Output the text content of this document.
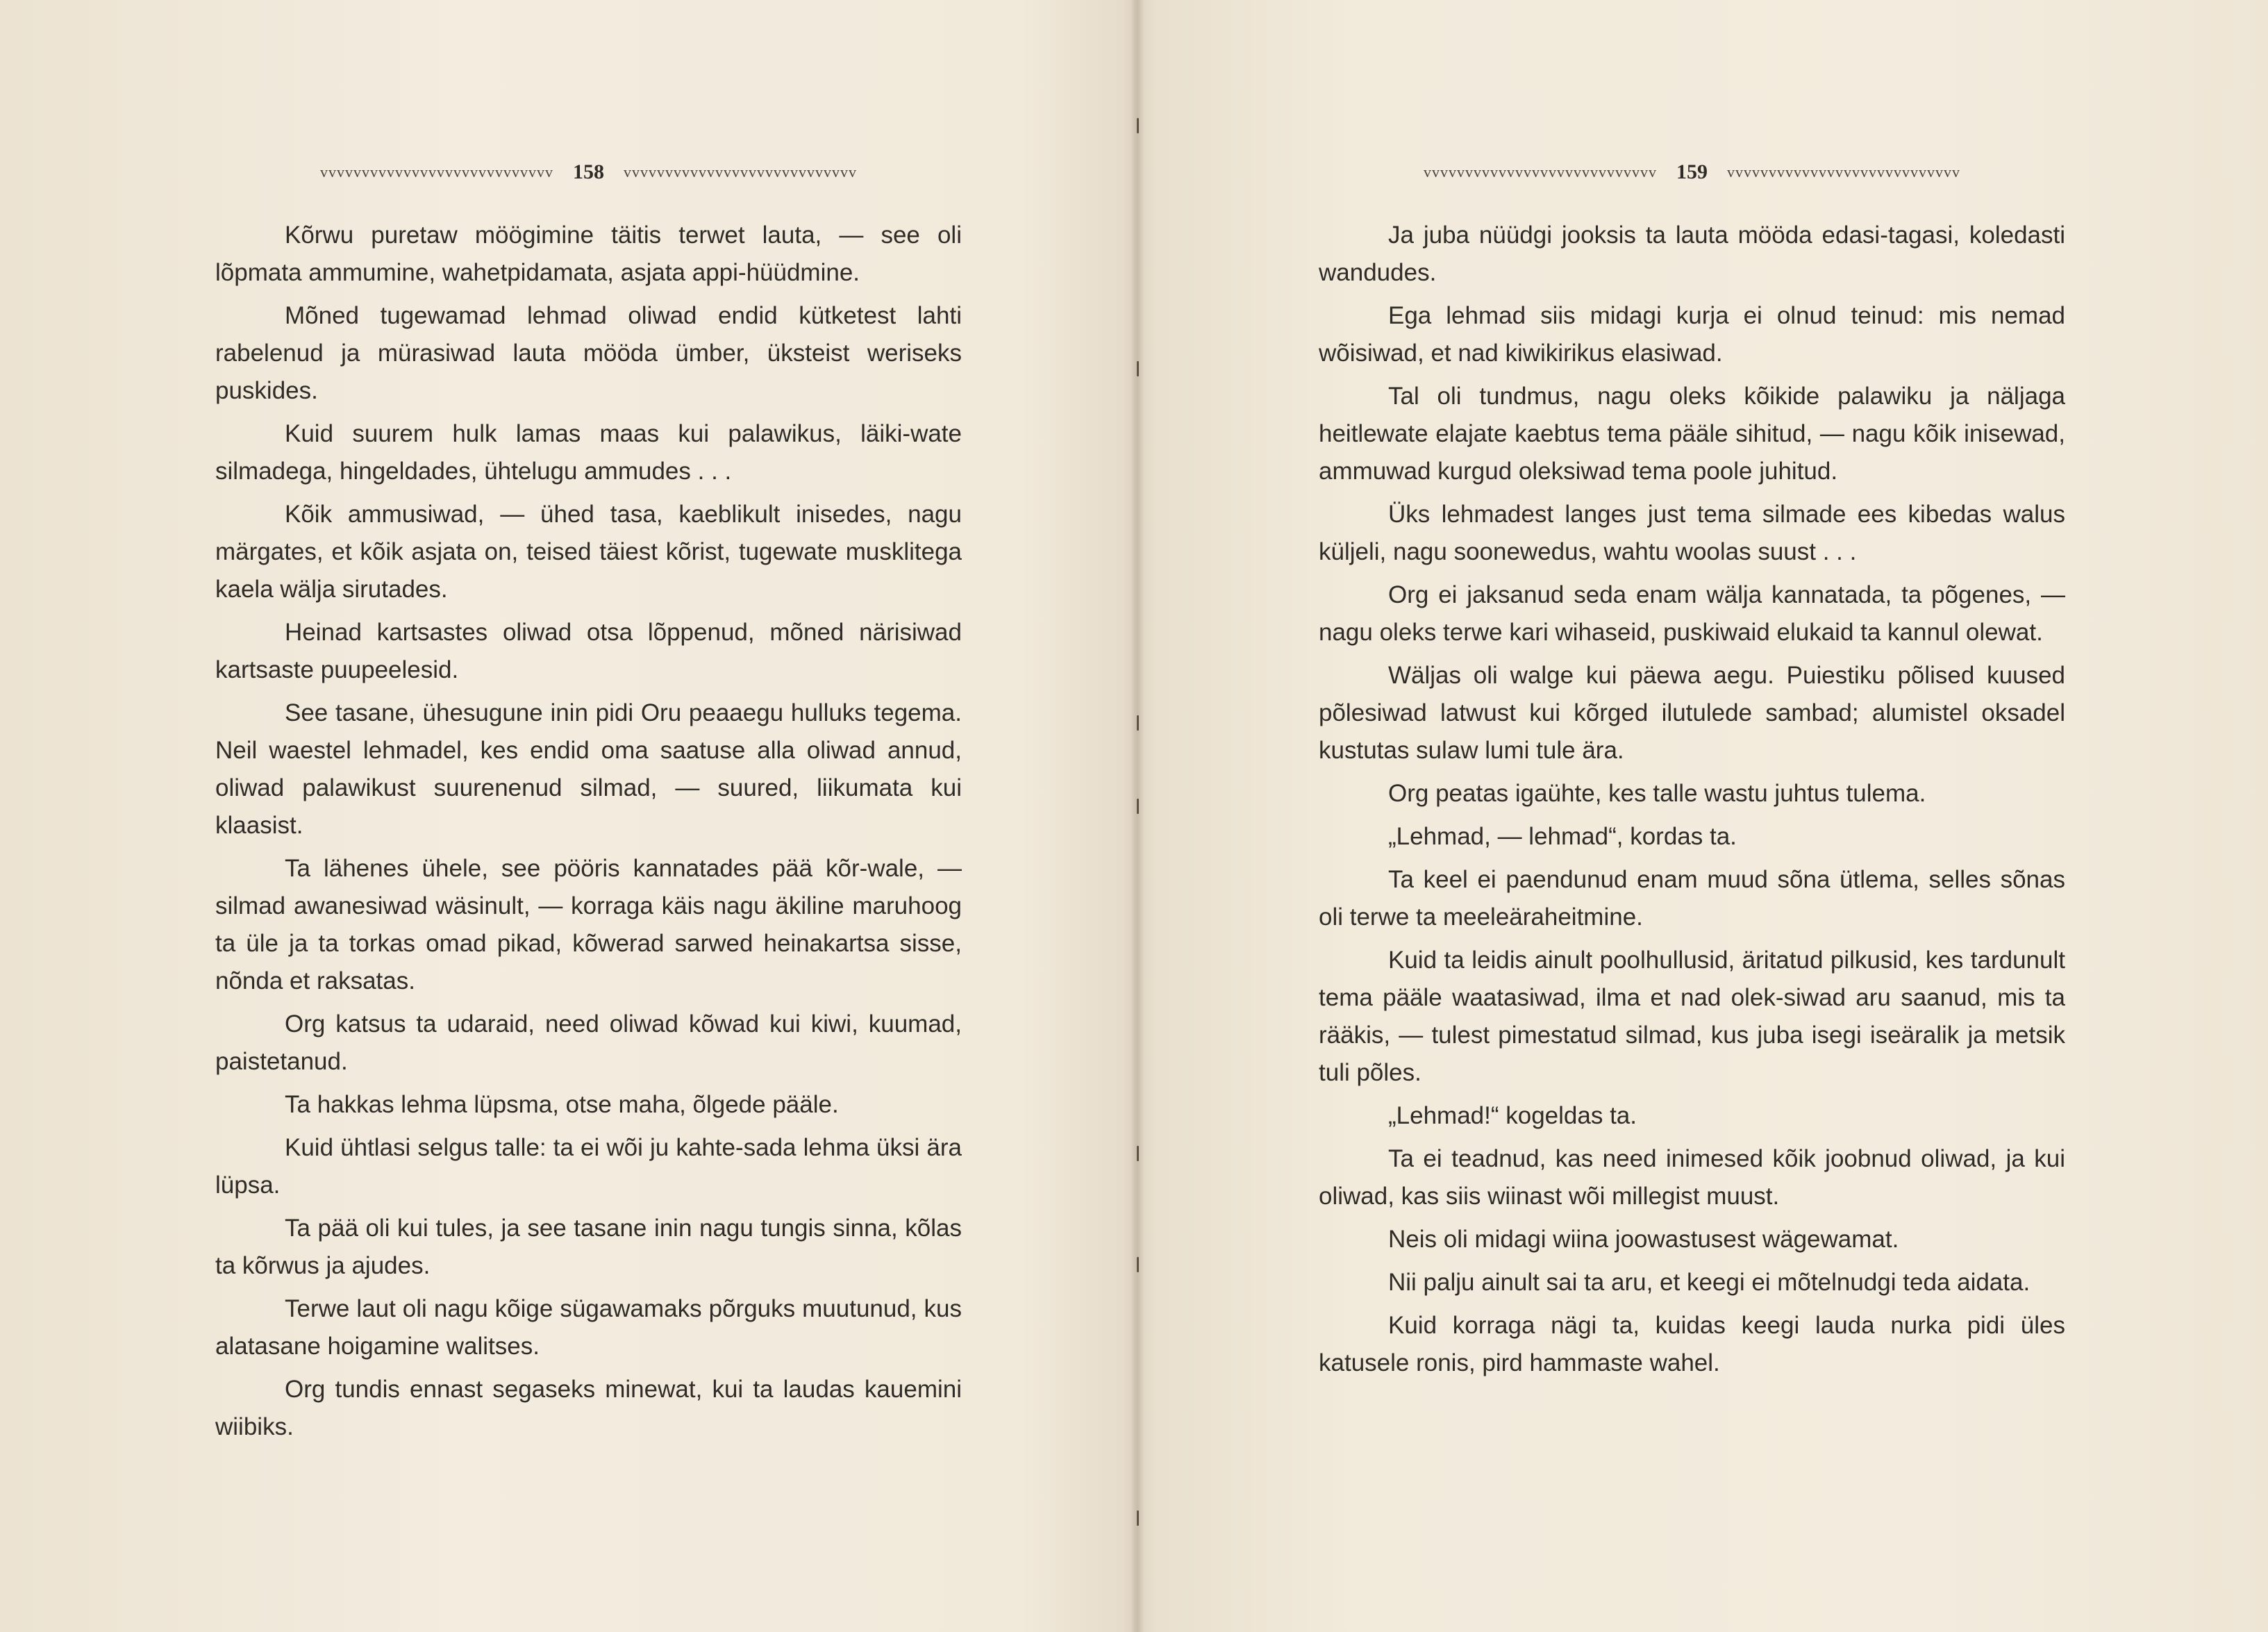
vvvvvvvvvvvvvvvvvvvvvvvvvvvv 158 vvvvvvvvvvvvvvvvvvvvvvvvvvvv

Kõrwu puretaw möögimine täitis terwet lauta, — see oli lõpmata ammumine, wahetpidamata, asjata appi-hüüdmine.

Mõned tugewamad lehmad oliwad endid kütketest lahti rabelenud ja mürasiwad lauta mööda ümber, üksteist weriseks puskides.

Kuid suurem hulk lamas maas kui palawikus, läiki-wate silmadega, hingeldades, ühtelugu ammudes . . .

Kõik ammusiwad, — ühed tasa, kaeblikult inisedes, nagu märgates, et kõik asjata on, teised täiest kõrist, tugewate musklitega kaela wälja sirutades.

Heinad kartsastes oliwad otsa lõppenud, mõned närisiwad kartsaste puupeelesid.

See tasane, ühesugune inin pidi Oru peaaegu hulluks tegema. Neil waestel lehmadel, kes endid oma saatuse alla oliwad annud, oliwad palawikust suurenenud silmad, — suured, liikumata kui klaasist.

Ta lähenes ühele, see pööris kannatades pää kõr-wale, — silmad awanesiwad wäsinult, — korraga käis nagu äkiline maruhoog ta üle ja ta torkas omad pikad, kõwerad sarwed heinakartsa sisse, nõnda et raksatas.

Org katsus ta udaraid, need oliwad kõwad kui kiwi, kuumad, paistetanud.

Ta hakkas lehma lüpsma, otse maha, õlgede pääle.

Kuid ühtlasi selgus talle: ta ei wõi ju kahte-sada lehma üksi ära lüpsa.

Ta pää oli kui tules, ja see tasane inin nagu tungis sinna, kõlas ta kõrwus ja ajudes.

Terwe laut oli nagu kõige sügawamaks põrguks muutunud, kus alatasane hoigamine walitses.

Org tundis ennast segaseks minewat, kui ta laudas kauemini wiibiks.

vvvvvvvvvvvvvvvvvvvvvvvvvvvv 159 vvvvvvvvvvvvvvvvvvvvvvvvvvvv

Ja juba nüüdgi jooksis ta lauta mööda edasi-tagasi, koledasti wandudes.

Ega lehmad siis midagi kurja ei olnud teinud: mis nemad wõisiwad, et nad kiwikirikus elasiwad.

Tal oli tundmus, nagu oleks kõikide palawiku ja näljaga heitlewate elajate kaebtus tema pääle sihitud, — nagu kõik inisewad, ammuwad kurgud oleksiwad tema poole juhitud.

Üks lehmadest langes just tema silmade ees kibedas walus küljeli, nagu soonewedus, wahtu woolas suust . . .

Org ei jaksanud seda enam wälja kannatada, ta põgenes, — nagu oleks terwe kari wihaseid, puskiwaid elukaid ta kannul olewat.

Wäljas oli walge kui päewa aegu. Puiestiku põlised kuused põlesiwad latwust kui kõrged ilutulede sambad; alumistel oksadel kustutas sulaw lumi tule ära.

Org peatas igaühte, kes talle wastu juhtus tulema.

„Lehmad, — lehmad“, kordas ta.

Ta keel ei paendunud enam muud sõna ütlema, selles sõnas oli terwe ta meeleäraheitmine.

Kuid ta leidis ainult poolhullusid, äritatud pilkusid, kes tardunult tema pääle waatasiwad, ilma et nad olek-siwad aru saanud, mis ta rääkis, — tulest pimestatud silmad, kus juba isegi iseäralik ja metsik tuli põles.

„Lehmad!“ kogeldas ta.

Ta ei teadnud, kas need inimesed kõik joobnud oliwad, ja kui oliwad, kas siis wiinast wõi millegist muust.

Neis oli midagi wiina joowastusest wägewamat.

Nii palju ainult sai ta aru, et keegi ei mõtelnudgi teda aidata.

Kuid korraga nägi ta, kuidas keegi lauda nurka pidi üles katusele ronis, pird hammaste wahel.
